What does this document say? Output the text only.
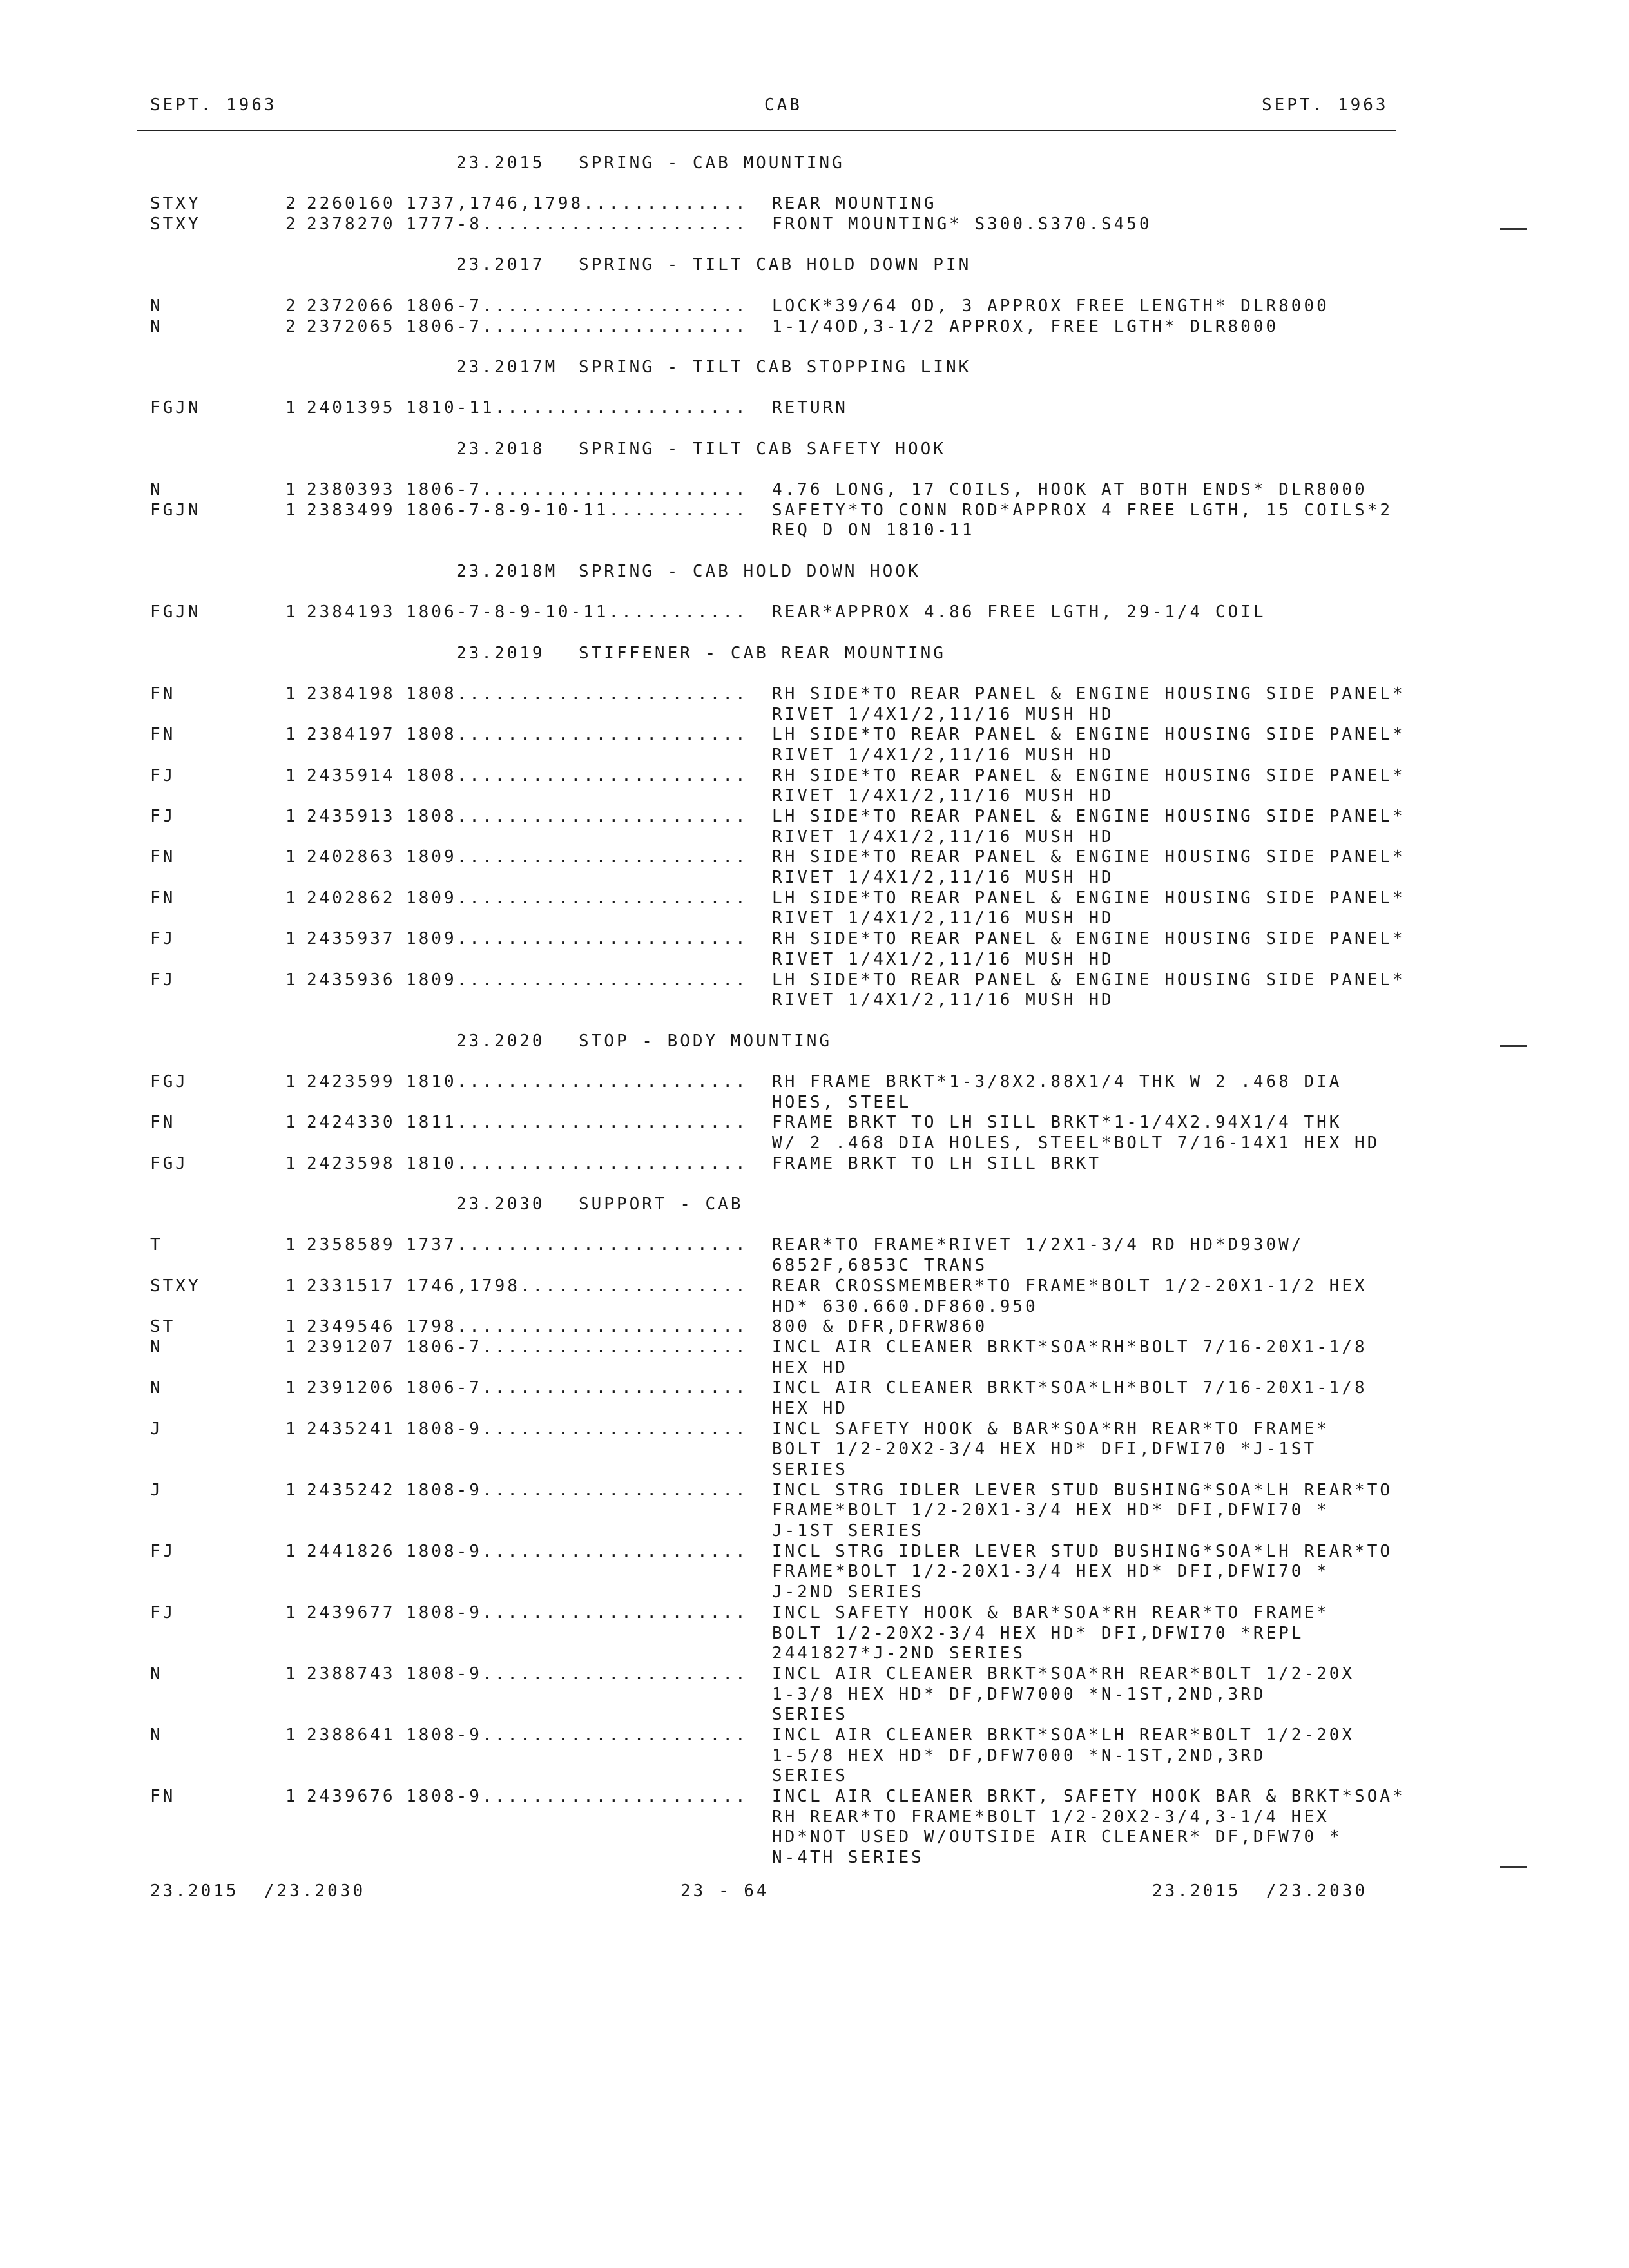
SEPT. 1963	CAB	SEPT. 1963
23.2015 SPRING - CAB MOUNTING
STXY	2 2260160 1737,1746,1798............. REAR MOUNTING
STXY	2 2378270 1777-8..................... FRONT MOUNTING* S300.S370.S450
23.2017 SPRING - TILT CAB HOLD DOWN PIN
N	2 2372066 1806-7..................... LOCK*39/64 OD, 3 APPROX FREE LENGTH* DLR8000
N	2 2372065 1806-7..................... 1-1/4OD,3-1/2 APPROX, FREE LGTH* DLR8000
23.2017M SPRING - TILT CAB STOPPING LINK
FGJN	1 2401395 1810-11.................... RETURN
23.2018 SPRING - TILT CAB SAFETY HOOK
N	1 2380393 1806-7..................... 4.76 LONG, 17 COILS, HOOK AT BOTH ENDS* DLR8000
FGJN	1 2383499 1806-7-8-9-10-11........... SAFETY*TO CONN ROD*APPROX 4 FREE LGTH, 15 COILS*2
REQ D ON 1810-11
23.2018M SPRING - CAB HOLD DOWN HOOK
FGJN	1 2384193 1806-7-8-9-10-11........... REAR*APPROX 4.86 FREE LGTH, 29-1/4 COIL
23.2019 STIFFENER - CAB REAR MOUNTING
FN	1 2384198 1808....................... RH SIDE*TO REAR PANEL & ENGINE HOUSING SIDE PANEL*
RIVET 1/4X1/2,11/16 MUSH HD
FN	1 2384197 1808....................... LH SIDE*TO REAR PANEL & ENGINE HOUSING SIDE PANEL*
RIVET 1/4X1/2,11/16 MUSH HD
FJ	1 2435914 1808....................... RH SIDE*TO REAR PANEL & ENGINE HOUSING SIDE PANEL*
RIVET 1/4X1/2,11/16 MUSH HD
FJ	1 2435913 1808....................... LH SIDE*TO REAR PANEL & ENGINE HOUSING SIDE PANEL*
RIVET 1/4X1/2,11/16 MUSH HD
FN	1 2402863 1809....................... RH SIDE*TO REAR PANEL & ENGINE HOUSING SIDE PANEL*
RIVET 1/4X1/2,11/16 MUSH HD
FN	1 2402862 1809....................... LH SIDE*TO REAR PANEL & ENGINE HOUSING SIDE PANEL*
RIVET 1/4X1/2,11/16 MUSH HD
FJ	1 2435937 1809....................... RH SIDE*TO REAR PANEL & ENGINE HOUSING SIDE PANEL*
RIVET 1/4X1/2,11/16 MUSH HD
FJ	1 2435936 1809....................... LH SIDE*TO REAR PANEL & ENGINE HOUSING SIDE PANEL*
RIVET 1/4X1/2,11/16 MUSH HD
23.2020 STOP - BODY MOUNTING
FGJ	1 2423599 1810....................... RH FRAME BRKT*1-3/8X2.88X1/4 THK W 2 .468 DIA
HOES, STEEL
FN	1 2424330 1811....................... FRAME BRKT TO LH SILL BRKT*1-1/4X2.94X1/4 THK
W/ 2 .468 DIA HOLES, STEEL*BOLT 7/16-14X1 HEX HD
FGJ	1 2423598 1810....................... FRAME BRKT TO LH SILL BRKT
23.2030 SUPPORT - CAB
T	1 2358589 1737....................... REAR*TO FRAME*RIVET 1/2X1-3/4 RD HD*D930W/
6852F,6853C TRANS
STXY	1 2331517 1746,1798.................. REAR CROSSMEMBER*TO FRAME*BOLT 1/2-20X1-1/2 HEX
HD* 630.660.DF860.950
ST	1 2349546 1798....................... 800 & DFR,DFRW860
N	1 2391207 1806-7..................... INCL AIR CLEANER BRKT*SOA*RH*BOLT 7/16-20X1-1/8
HEX HD
N	1 2391206 1806-7..................... INCL AIR CLEANER BRKT*SOA*LH*BOLT 7/16-20X1-1/8
HEX HD
J	1 2435241 1808-9..................... INCL SAFETY HOOK & BAR*SOA*RH REAR*TO FRAME*
BOLT 1/2-20X2-3/4 HEX HD* DFI,DFWI70 *J-1ST
SERIES
J	1 2435242 1808-9..................... INCL STRG IDLER LEVER STUD BUSHING*SOA*LH REAR*TO
FRAME*BOLT 1/2-20X1-3/4 HEX HD* DFI,DFWI70 *
J-1ST SERIES
FJ	1 2441826 1808-9..................... INCL STRG IDLER LEVER STUD BUSHING*SOA*LH REAR*TO
FRAME*BOLT 1/2-20X1-3/4 HEX HD* DFI,DFWI70 *
J-2ND SERIES
FJ	1 2439677 1808-9..................... INCL SAFETY HOOK & BAR*SOA*RH REAR*TO FRAME*
BOLT 1/2-20X2-3/4 HEX HD* DFI,DFWI70 *REPL
2441827*J-2ND SERIES
N	1 2388743 1808-9..................... INCL AIR CLEANER BRKT*SOA*RH REAR*BOLT 1/2-20X
1-3/8 HEX HD* DF,DFW7000 *N-1ST,2ND,3RD
SERIES
N	1 2388641 1808-9..................... INCL AIR CLEANER BRKT*SOA*LH REAR*BOLT 1/2-20X
1-5/8 HEX HD* DF,DFW7000 *N-1ST,2ND,3RD
SERIES
FN	1 2439676 1808-9..................... INCL AIR CLEANER BRKT, SAFETY HOOK BAR & BRKT*SOA*
RH REAR*TO FRAME*BOLT 1/2-20X2-3/4,3-1/4 HEX
HD*NOT USED W/OUTSIDE AIR CLEANER* DF,DFW70 *
N-4TH SERIES
23.2015  /23.2030	23 - 64	23.2015  /23.2030
